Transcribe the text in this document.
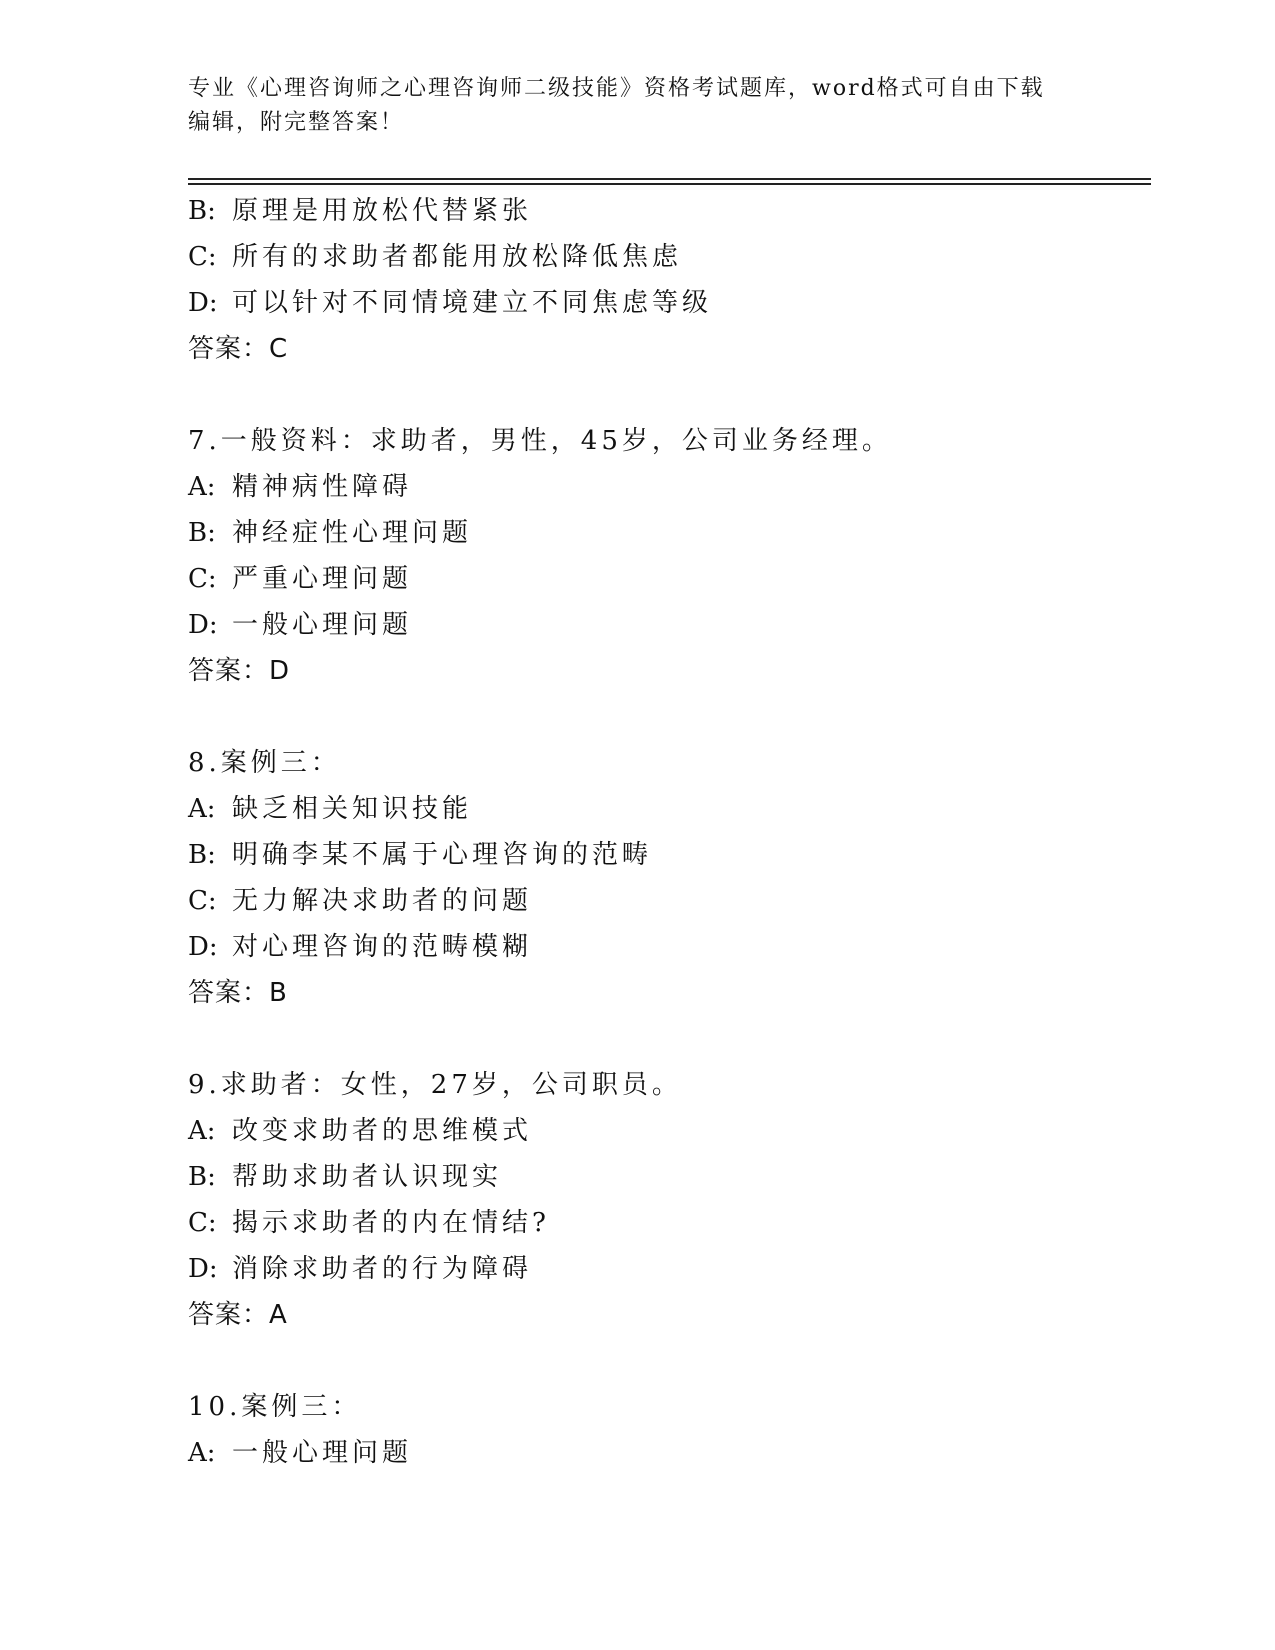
专业《心理咨询师之心理咨询师二级技能》资格考试题库，word格式可自由下载
编辑，附完整答案！
B: 原理是用放松代替紧张
C: 所有的求助者都能用放松降低焦虑
D: 可以针对不同情境建立不同焦虑等级
答案：C
7.一般资料：求助者，男性，45岁，公司业务经理。
A: 精神病性障碍
B: 神经症性心理问题
C: 严重心理问题
D: 一般心理问题
答案：D
8.案例三：
A: 缺乏相关知识技能
B: 明确李某不属于心理咨询的范畴
C: 无力解决求助者的问题
D: 对心理咨询的范畴模糊
答案：B
9.求助者：女性，27岁，公司职员。
A: 改变求助者的思维模式
B: 帮助求助者认识现实
C: 揭示求助者的内在情结?
D: 消除求助者的行为障碍
答案：A
10.案例三：
A: 一般心理问题
